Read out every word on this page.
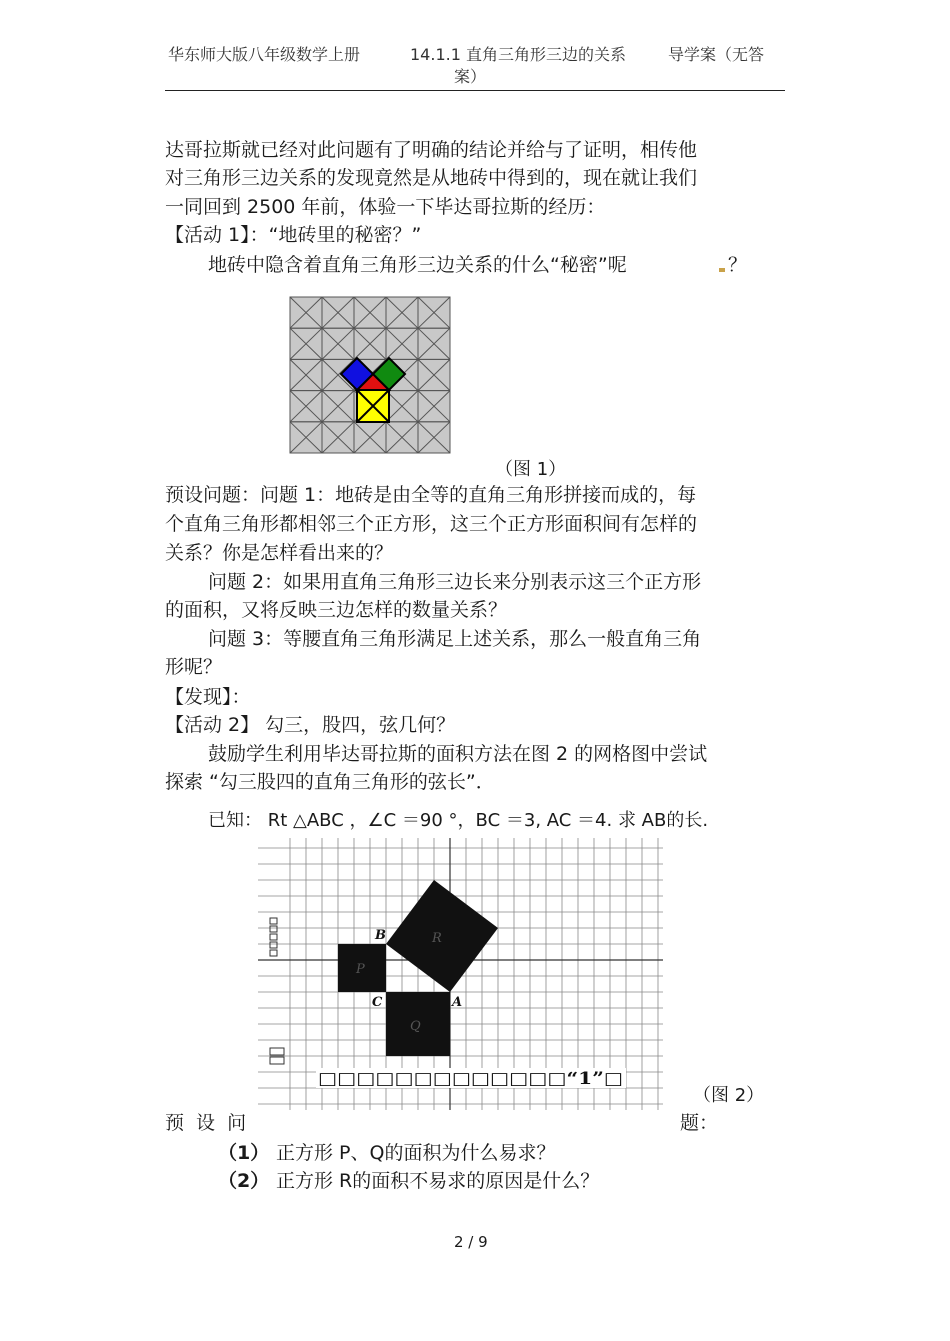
华东师大版八年级数学上册	14.1.1 直角三角形三边的关系	导学案（无答
案）
达哥拉斯就已经对此问题有了明确的结论并给与了证明，相传他
对三角形三边关系的发现竟然是从地砖中得到的，现在就让我们
一同回到 2500 年前，体验一下毕达哥拉斯的经历：
【活动 1】：“地砖里的秘密？”
地砖中隐含着直角三角形三边关系的什么“秘密”呢	？
（图 1）
预设问题：问题 1：地砖是由全等的直角三角形拼接而成的，每
个直角三角形都相邻三个正方形，这三个正方形面积间有怎样的
关系？你是怎样看出来的？
问题 2：如果用直角三角形三边长来分别表示这三个正方形
的面积，又将反映三边怎样的数量关系？
问题 3：等腰直角三角形满足上述关系，那么一般直角三角
形呢？
【发现】：
【活动 2】 勾三，股四，弦几何？
鼓励学生利用毕达哥拉斯的面积方法在图 2 的网格图中尝试
探索 “勾三股四的直角三角形的弦长”．
已知： Rt △ABC ，∠C ＝90 °，BC ＝3, AC ＝4. 求 AB的长.
B
C	A
P
Q
R
□□□□□□□□□□□□□“1”□
（图 2）
预 设 问	题：
（1） 正方形 P、Q的面积为什么易求？
（2） 正方形 R的面积不易求的原因是什么？
2 / 9
